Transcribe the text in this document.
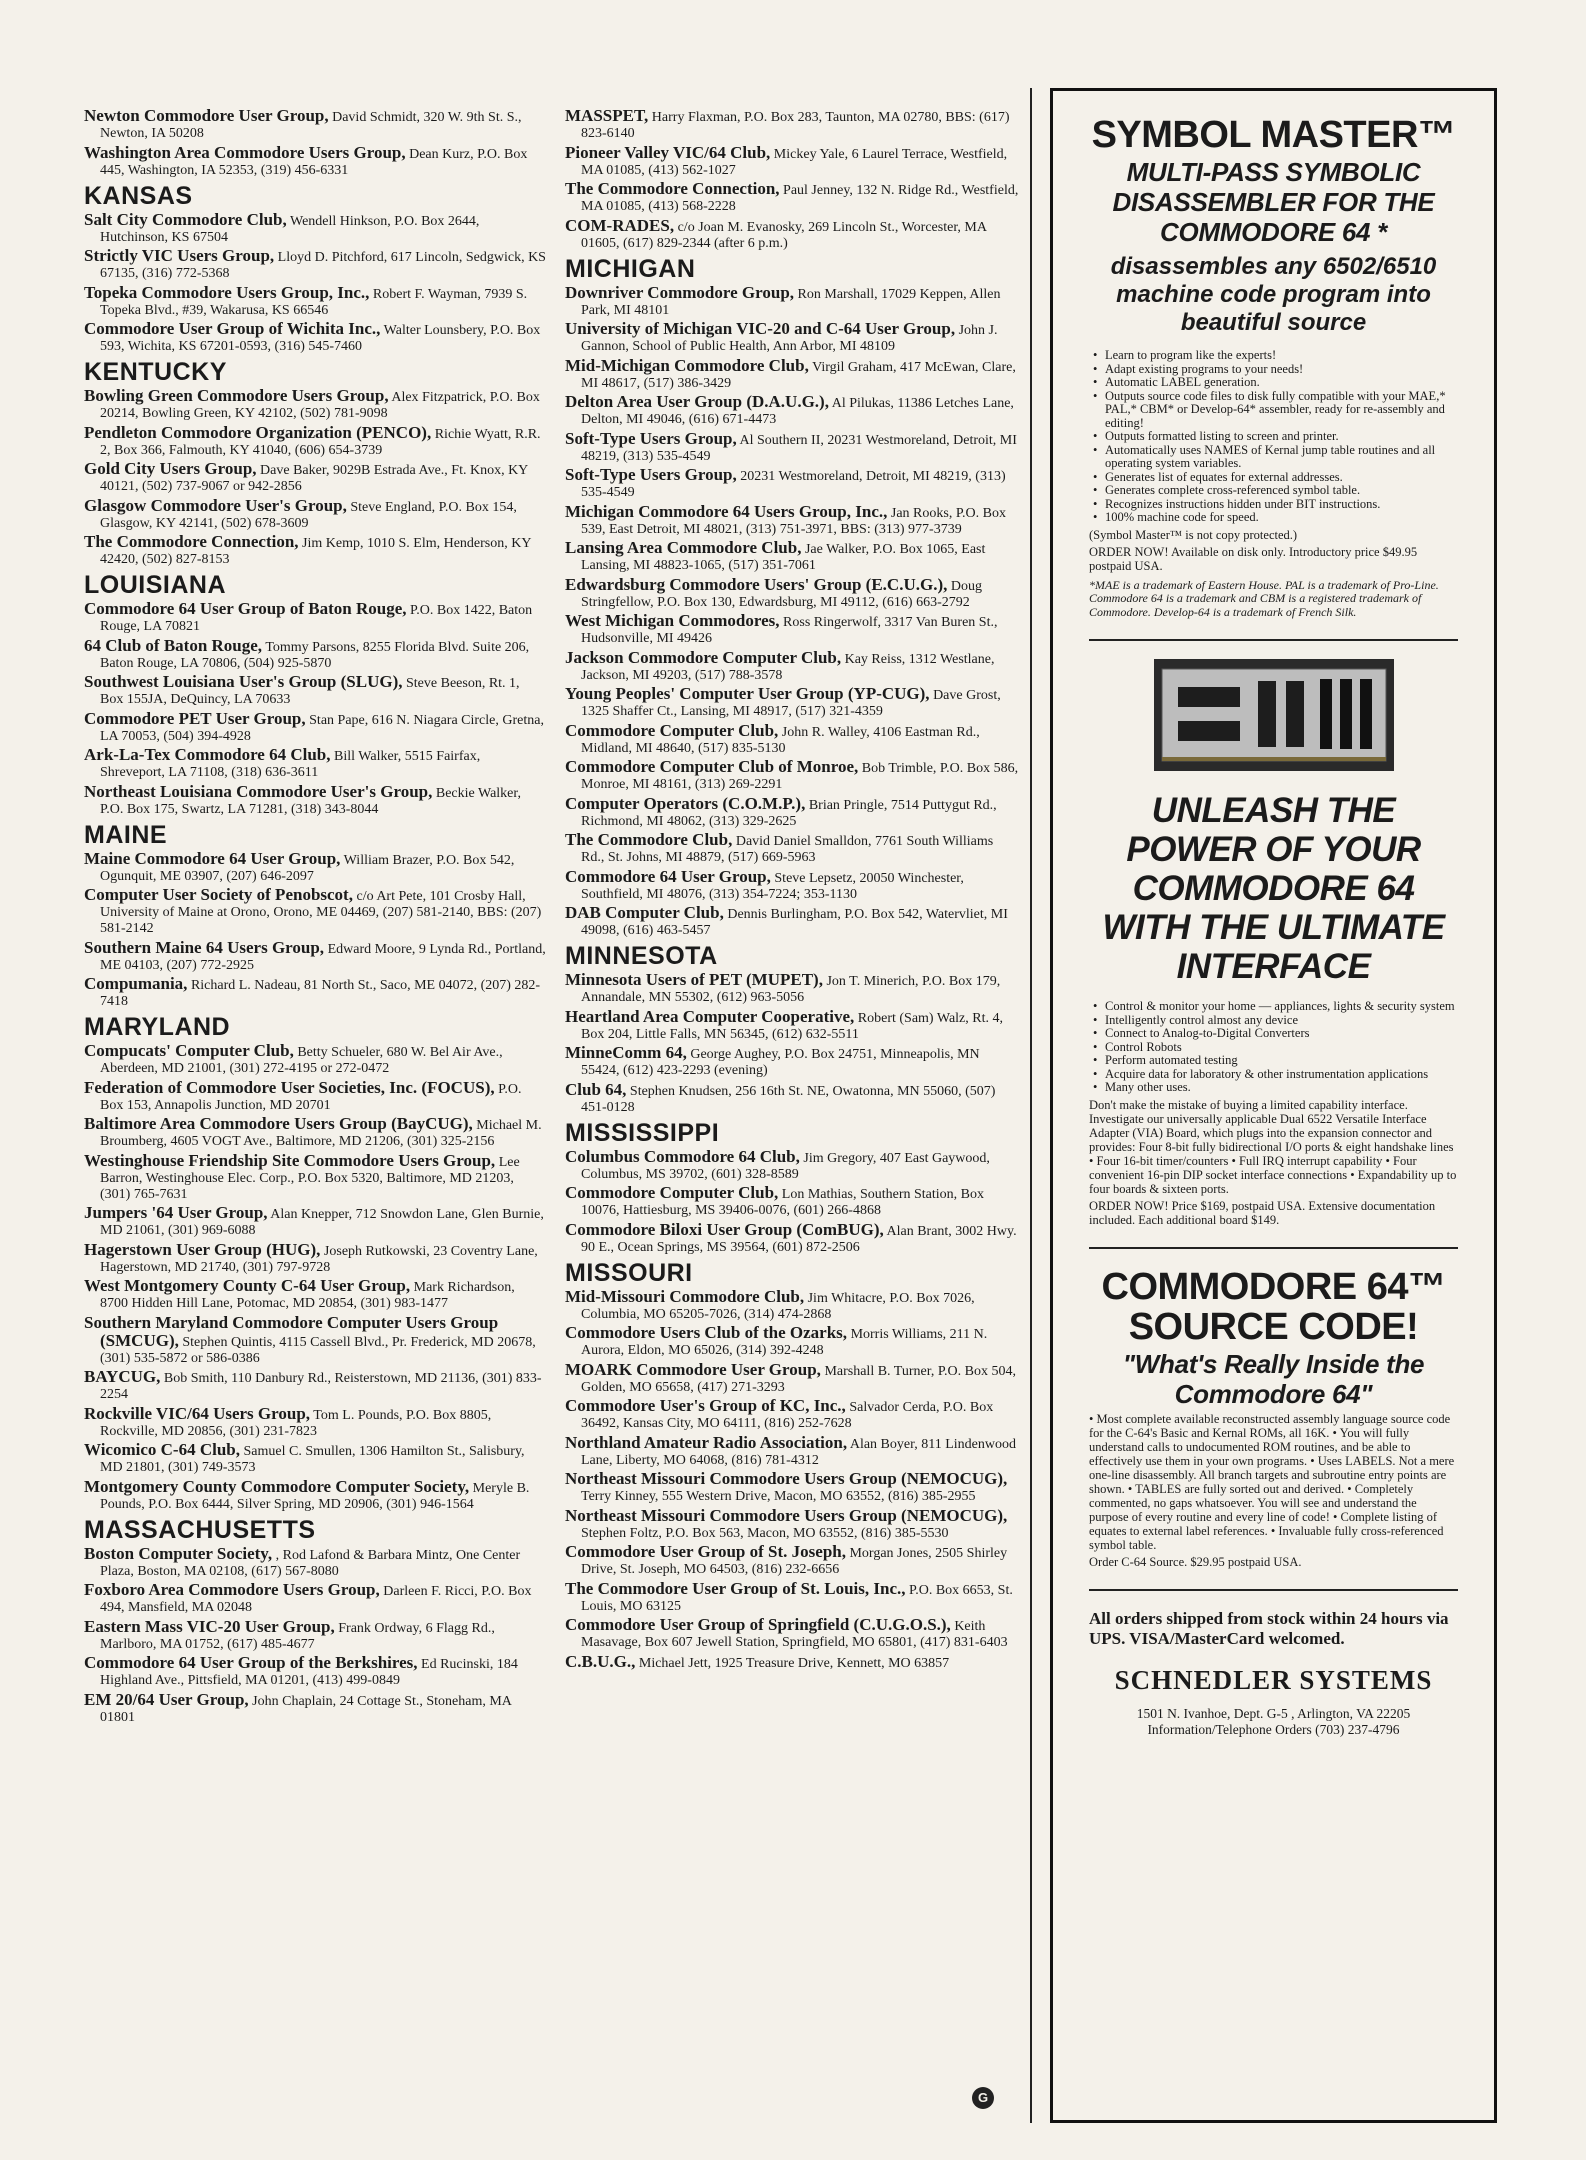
Newton Commodore User Group, David Schmidt, 320 W. 9th St. S., Newton, IA 50208
Washington Area Commodore Users Group, Dean Kurz, P.O. Box 445, Washington, IA 52353, (319) 456-6331
KANSAS
Salt City Commodore Club, Wendell Hinkson, P.O. Box 2644, Hutchinson, KS 67504
Strictly VIC Users Group, Lloyd D. Pitchford, 617 Lincoln, Sedgwick, KS 67135, (316) 772-5368
Topeka Commodore Users Group, Inc., Robert F. Wayman, 7939 S. Topeka Blvd., #39, Wakarusa, KS 66546
Commodore User Group of Wichita Inc., Walter Lounsbery, P.O. Box 593, Wichita, KS 67201-0593, (316) 545-7460
KENTUCKY
Bowling Green Commodore Users Group, Alex Fitzpatrick, P.O. Box 20214, Bowling Green, KY 42102, (502) 781-9098
Pendleton Commodore Organization (PENCO), Richie Wyatt, R.R. 2, Box 366, Falmouth, KY 41040, (606) 654-3739
Gold City Users Group, Dave Baker, 9029B Estrada Ave., Ft. Knox, KY 40121, (502) 737-9067 or 942-2856
Glasgow Commodore User's Group, Steve England, P.O. Box 154, Glasgow, KY 42141, (502) 678-3609
The Commodore Connection, Jim Kemp, 1010 S. Elm, Henderson, KY 42420, (502) 827-8153
LOUISIANA
Commodore 64 User Group of Baton Rouge, P.O. Box 1422, Baton Rouge, LA 70821
64 Club of Baton Rouge, Tommy Parsons, 8255 Florida Blvd. Suite 206, Baton Rouge, LA 70806, (504) 925-5870
Southwest Louisiana User's Group (SLUG), Steve Beeson, Rt. 1, Box 155JA, DeQuincy, LA 70633
Commodore PET User Group, Stan Pape, 616 N. Niagara Circle, Gretna, LA 70053, (504) 394-4928
Ark-La-Tex Commodore 64 Club, Bill Walker, 5515 Fairfax, Shreveport, LA 71108, (318) 636-3611
Northeast Louisiana Commodore User's Group, Beckie Walker, P.O. Box 175, Swartz, LA 71281, (318) 343-8044
MAINE
Maine Commodore 64 User Group, William Brazer, P.O. Box 542, Ogunquit, ME 03907, (207) 646-2097
Computer User Society of Penobscot, c/o Art Pete, 101 Crosby Hall, University of Maine at Orono, Orono, ME 04469, (207) 581-2140, BBS: (207) 581-2142
Southern Maine 64 Users Group, Edward Moore, 9 Lynda Rd., Portland, ME 04103, (207) 772-2925
Compumania, Richard L. Nadeau, 81 North St., Saco, ME 04072, (207) 282-7418
MARYLAND
Compucats' Computer Club, Betty Schueler, 680 W. Bel Air Ave., Aberdeen, MD 21001, (301) 272-4195 or 272-0472
Federation of Commodore User Societies, Inc. (FOCUS), P.O. Box 153, Annapolis Junction, MD 20701
Baltimore Area Commodore Users Group (BayCUG), Michael M. Broumberg, 4605 VOGT Ave., Baltimore, MD 21206, (301) 325-2156
Westinghouse Friendship Site Commodore Users Group, Lee Barron, Westinghouse Elec. Corp., P.O. Box 5320, Baltimore, MD 21203, (301) 765-7631
Jumpers '64 User Group, Alan Knepper, 712 Snowdon Lane, Glen Burnie, MD 21061, (301) 969-6088
Hagerstown User Group (HUG), Joseph Rutkowski, 23 Coventry Lane, Hagerstown, MD 21740, (301) 797-9728
West Montgomery County C-64 User Group, Mark Richardson, 8700 Hidden Hill Lane, Potomac, MD 20854, (301) 983-1477
Southern Maryland Commodore Computer Users Group (SMCUG), Stephen Quintis, 4115 Cassell Blvd., Pr. Frederick, MD 20678, (301) 535-5872 or 586-0386
BAYCUG, Bob Smith, 110 Danbury Rd., Reisterstown, MD 21136, (301) 833-2254
Rockville VIC/64 Users Group, Tom L. Pounds, P.O. Box 8805, Rockville, MD 20856, (301) 231-7823
Wicomico C-64 Club, Samuel C. Smullen, 1306 Hamilton St., Salisbury, MD 21801, (301) 749-3573
Montgomery County Commodore Computer Society, Meryle B. Pounds, P.O. Box 6444, Silver Spring, MD 20906, (301) 946-1564
MASSACHUSETTS
Boston Computer Society, , Rod Lafond & Barbara Mintz, One Center Plaza, Boston, MA 02108, (617) 567-8080
Foxboro Area Commodore Users Group, Darleen F. Ricci, P.O. Box 494, Mansfield, MA 02048
Eastern Mass VIC-20 User Group, Frank Ordway, 6 Flagg Rd., Marlboro, MA 01752, (617) 485-4677
Commodore 64 User Group of the Berkshires, Ed Rucinski, 184 Highland Ave., Pittsfield, MA 01201, (413) 499-0849
EM 20/64 User Group, John Chaplain, 24 Cottage St., Stoneham, MA 01801
MASSPET, Harry Flaxman, P.O. Box 283, Taunton, MA 02780, BBS: (617) 823-6140
Pioneer Valley VIC/64 Club, Mickey Yale, 6 Laurel Terrace, Westfield, MA 01085, (413) 562-1027
The Commodore Connection, Paul Jenney, 132 N. Ridge Rd., Westfield, MA 01085, (413) 568-2228
COM-RADES, c/o Joan M. Evanosky, 269 Lincoln St., Worcester, MA 01605, (617) 829-2344 (after 6 p.m.)
MICHIGAN
Downriver Commodore Group, Ron Marshall, 17029 Keppen, Allen Park, MI 48101
University of Michigan VIC-20 and C-64 User Group, John J. Gannon, School of Public Health, Ann Arbor, MI 48109
Mid-Michigan Commodore Club, Virgil Graham, 417 McEwan, Clare, MI 48617, (517) 386-3429
Delton Area User Group (D.A.U.G.), Al Pilukas, 11386 Letches Lane, Delton, MI 49046, (616) 671-4473
Soft-Type Users Group, Al Southern II, 20231 Westmoreland, Detroit, MI 48219, (313) 535-4549
Soft-Type Users Group, 20231 Westmoreland, Detroit, MI 48219, (313) 535-4549
Michigan Commodore 64 Users Group, Inc., Jan Rooks, P.O. Box 539, East Detroit, MI 48021, (313) 751-3971, BBS: (313) 977-3739
Lansing Area Commodore Club, Jae Walker, P.O. Box 1065, East Lansing, MI 48823-1065, (517) 351-7061
Edwardsburg Commodore Users' Group (E.C.U.G.), Doug Stringfellow, P.O. Box 130, Edwardsburg, MI 49112, (616) 663-2792
West Michigan Commodores, Ross Ringerwolf, 3317 Van Buren St., Hudsonville, MI 49426
Jackson Commodore Computer Club, Kay Reiss, 1312 Westlane, Jackson, MI 49203, (517) 788-3578
Young Peoples' Computer User Group (YP-CUG), Dave Grost, 1325 Shaffer Ct., Lansing, MI 48917, (517) 321-4359
Commodore Computer Club, John R. Walley, 4106 Eastman Rd., Midland, MI 48640, (517) 835-5130
Commodore Computer Club of Monroe, Bob Trimble, P.O. Box 586, Monroe, MI 48161, (313) 269-2291
Computer Operators (C.O.M.P.), Brian Pringle, 7514 Puttygut Rd., Richmond, MI 48062, (313) 329-2625
The Commodore Club, David Daniel Smalldon, 7761 South Williams Rd., St. Johns, MI 48879, (517) 669-5963
Commodore 64 User Group, Steve Lepsetz, 20050 Winchester, Southfield, MI 48076, (313) 354-7224; 353-1130
DAB Computer Club, Dennis Burlingham, P.O. Box 542, Watervliet, MI 49098, (616) 463-5457
MINNESOTA
Minnesota Users of PET (MUPET), Jon T. Minerich, P.O. Box 179, Annandale, MN 55302, (612) 963-5056
Heartland Area Computer Cooperative, Robert (Sam) Walz, Rt. 4, Box 204, Little Falls, MN 56345, (612) 632-5511
MinneComm 64, George Aughey, P.O. Box 24751, Minneapolis, MN 55424, (612) 423-2293 (evening)
Club 64, Stephen Knudsen, 256 16th St. NE, Owatonna, MN 55060, (507) 451-0128
MISSISSIPPI
Columbus Commodore 64 Club, Jim Gregory, 407 East Gaywood, Columbus, MS 39702, (601) 328-8589
Commodore Computer Club, Lon Mathias, Southern Station, Box 10076, Hattiesburg, MS 39406-0076, (601) 266-4868
Commodore Biloxi User Group (ComBUG), Alan Brant, 3002 Hwy. 90 E., Ocean Springs, MS 39564, (601) 872-2506
MISSOURI
Mid-Missouri Commodore Club, Jim Whitacre, P.O. Box 7026, Columbia, MO 65205-7026, (314) 474-2868
Commodore Users Club of the Ozarks, Morris Williams, 211 N. Aurora, Eldon, MO 65026, (314) 392-4248
MOARK Commodore User Group, Marshall B. Turner, P.O. Box 504, Golden, MO 65658, (417) 271-3293
Commodore User's Group of KC, Inc., Salvador Cerda, P.O. Box 36492, Kansas City, MO 64111, (816) 252-7628
Northland Amateur Radio Association, Alan Boyer, 811 Lindenwood Lane, Liberty, MO 64068, (816) 781-4312
Northeast Missouri Commodore Users Group (NEMOCUG), Terry Kinney, 555 Western Drive, Macon, MO 63552, (816) 385-2955
Northeast Missouri Commodore Users Group (NEMOCUG), Stephen Foltz, P.O. Box 563, Macon, MO 63552, (816) 385-5530
Commodore User Group of St. Joseph, Morgan Jones, 2505 Shirley Drive, St. Joseph, MO 64503, (816) 232-6656
The Commodore User Group of St. Louis, Inc., P.O. Box 6653, St. Louis, MO 63125
Commodore User Group of Springfield (C.U.G.O.S.), Keith Masavage, Box 607 Jewell Station, Springfield, MO 65801, (417) 831-6403
C.B.U.G., Michael Jett, 1925 Treasure Drive, Kennett, MO 63857
SYMBOL MASTER™
MULTI-PASS SYMBOLIC DISASSEMBLER FOR THE COMMODORE 64 *
disassembles any 6502/6510 machine code program into beautiful source
• Learn to program like the experts!
• Adapt existing programs to your needs!
• Automatic LABEL generation.
• Outputs source code files to disk fully compatible with your MAE,* PAL,* CBM* or Develop-64* assembler, ready for re-assembly and editing!
• Outputs formatted listing to screen and printer.
• Automatically uses NAMES of Kernal jump table routines and all operating system variables.
• Generates list of equates for external addresses.
• Generates complete cross-referenced symbol table.
• Recognizes instructions hidden under BIT instructions.
• 100% machine code for speed.

(Symbol Master™ is not copy protected.)

ORDER NOW! Available on disk only. Introductory price $49.95 postpaid USA.

*MAE is a trademark of Eastern House. PAL is a trademark of Pro-Line. Commodore 64 is a trademark and CBM is a registered trademark of Commodore. Develop-64 is a trademark of French Silk.

UNLEASH THE POWER OF YOUR COMMODORE 64 WITH THE ULTIMATE INTERFACE
• Control & monitor your home — appliances, lights & security system
• Intelligently control almost any device
• Connect to Analog-to-Digital Converters
• Control Robots
• Perform automated testing
• Acquire data for laboratory & other instrumentation applications
• Many other uses.

Don't make the mistake of buying a limited capability interface. Investigate our universally applicable Dual 6522 Versatile Interface Adapter (VIA) Board, which plugs into the expansion connector and provides: Four 8-bit fully bidirectional I/O ports & eight handshake lines • Four 16-bit timer/counters • Full IRQ interrupt capability • Four convenient 16-pin DIP socket interface connections • Expandability up to four boards & sixteen ports.

ORDER NOW! Price $169, postpaid USA. Extensive documentation included. Each additional board $149.

COMMODORE 64™ SOURCE CODE!
"What's Really Inside the Commodore 64"

• Most complete available reconstructed assembly language source code for the C-64's Basic and Kernal ROMs, all 16K. • You will fully understand calls to undocumented ROM routines, and be able to effectively use them in your own programs. • Uses LABELS. Not a mere one-line disassembly. All branch targets and subroutine entry points are shown. • TABLES are fully sorted out and derived. • Completely commented, no gaps whatsoever. You will see and understand the purpose of every routine and every line of code! • Complete listing of equates to external label references. • Invaluable fully cross-referenced symbol table.

Order C-64 Source. $29.95 postpaid USA.

All orders shipped from stock within 24 hours via UPS. VISA/MasterCard welcomed.

SCHNEDLER SYSTEMS

1501 N. Ivanhoe, Dept. G-5 , Arlington, VA 22205

Information/Telephone Orders (703) 237-4796

G
